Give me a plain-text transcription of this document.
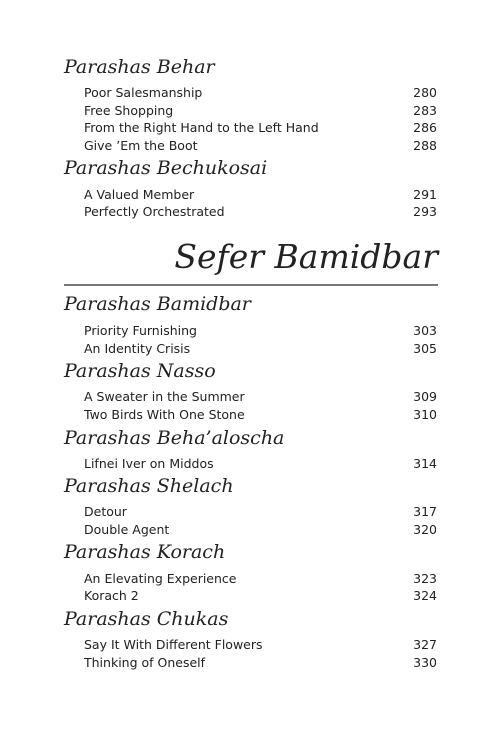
Parashas Behar
Poor Salesmanship	280
Free Shopping	283
From the Right Hand to the Left Hand	286
Give ’Em the Boot	288
Parashas Bechukosai
A Valued Member	291
Perfectly Orchestrated	293
Sefer Bamidbar
Parashas Bamidbar
Priority Furnishing	303
An Identity Crisis	305
Parashas Nasso
A Sweater in the Summer	309
Two Birds With One Stone	310
Parashas Beha’aloscha
Lifnei Iver on Middos	314
Parashas Shelach
Detour	317
Double Agent	320
Parashas Korach
An Elevating Experience	323
Korach 2	324
Parashas Chukas
Say It With Different Flowers	327
Thinking of Oneself	330
